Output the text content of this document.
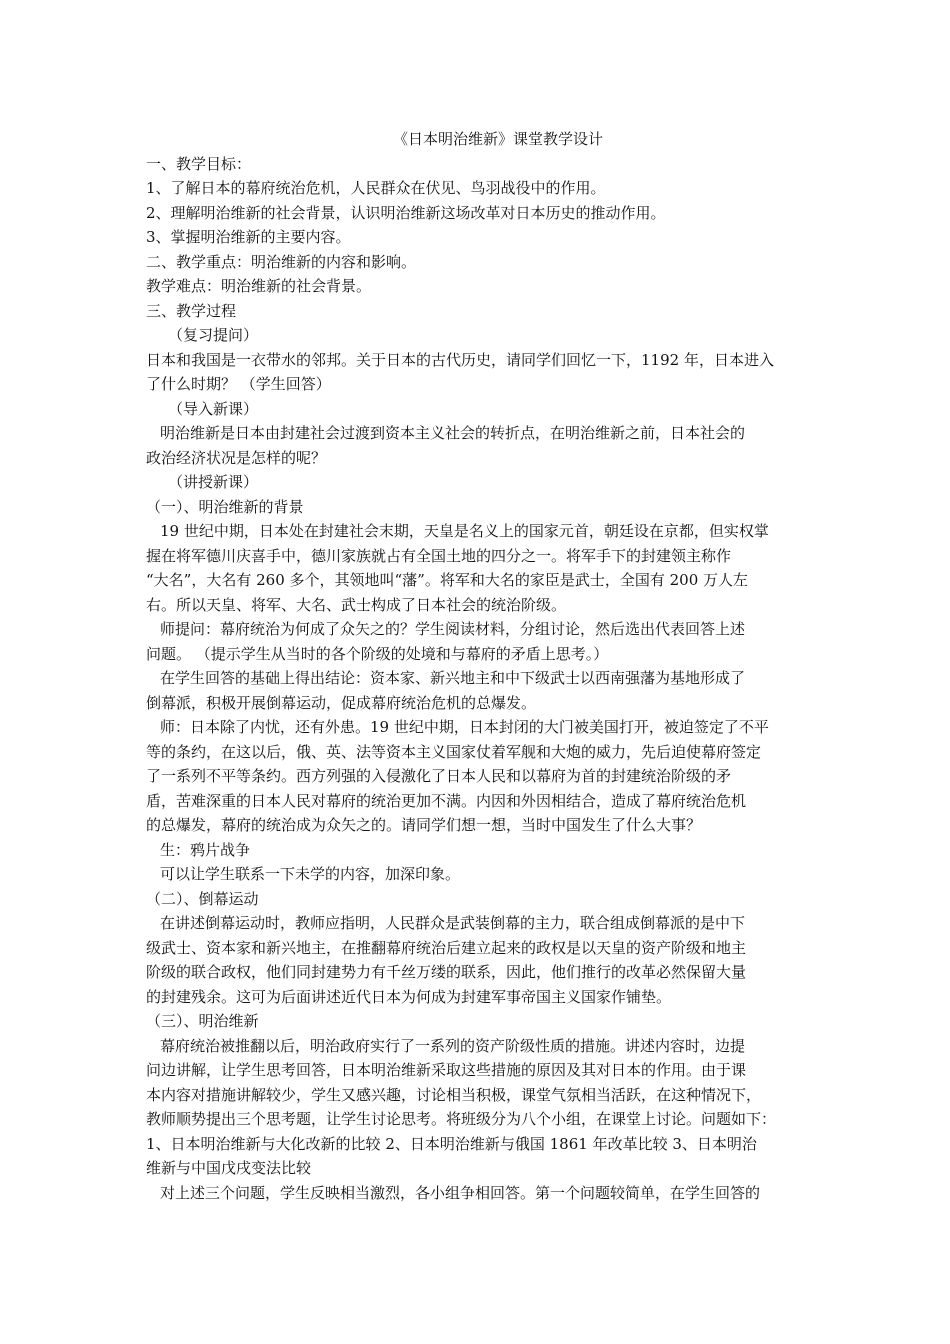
《日本明治维新》课堂教学设计
一、教学目标：
1、了解日本的幕府统治危机，人民群众在伏见、鸟羽战役中的作用。
2、理解明治维新的社会背景，认识明治维新这场改革对日本历史的推动作用。
3、掌握明治维新的主要内容。
二、教学重点：明治维新的内容和影响。
教学难点：明治维新的社会背景。
三、教学过程
（复习提问）
日本和我国是一衣带水的邻邦。关于日本的古代历史，请同学们回忆一下，1192 年，日本进入
了什么时期？ （学生回答）
（导入新课）
明治维新是日本由封建社会过渡到资本主义社会的转折点，在明治维新之前，日本社会的
政治经济状况是怎样的呢？
（讲授新课）
（一）、明治维新的背景
19 世纪中期，日本处在封建社会末期，天皇是名义上的国家元首，朝廷设在京都，但实权掌
握在将军德川庆喜手中，德川家族就占有全国土地的四分之一。将军手下的封建领主称作
“大名”，大名有 260 多个，其领地叫“藩”。将军和大名的家臣是武士，全国有 200 万人左
右。所以天皇、将军、大名、武士构成了日本社会的统治阶级。
师提问：幕府统治为何成了众矢之的？学生阅读材料，分组讨论，然后选出代表回答上述
问题。 （提示学生从当时的各个阶级的处境和与幕府的矛盾上思考。）
在学生回答的基础上得出结论：资本家、新兴地主和中下级武士以西南强藩为基地形成了
倒幕派，积极开展倒幕运动，促成幕府统治危机的总爆发。
师：日本除了内忧，还有外患。19 世纪中期，日本封闭的大门被美国打开，被迫签定了不平
等的条约，在这以后，俄、英、法等资本主义国家仗着军舰和大炮的威力，先后迫使幕府签定
了一系列不平等条约。西方列强的入侵激化了日本人民和以幕府为首的封建统治阶级的矛
盾，苦难深重的日本人民对幕府的统治更加不满。内因和外因相结合，造成了幕府统治危机
的总爆发，幕府的统治成为众矢之的。请同学们想一想，当时中国发生了什么大事？
生：鸦片战争
可以让学生联系一下未学的内容，加深印象。
（二）、倒幕运动
在讲述倒幕运动时，教师应指明，人民群众是武装倒幕的主力，联合组成倒幕派的是中下
级武士、资本家和新兴地主，在推翻幕府统治后建立起来的政权是以天皇的资产阶级和地主
阶级的联合政权，他们同封建势力有千丝万缕的联系，因此，他们推行的改革必然保留大量
的封建残余。这可为后面讲述近代日本为何成为封建军事帝国主义国家作铺垫。
（三）、明治维新
幕府统治被推翻以后，明治政府实行了一系列的资产阶级性质的措施。讲述内容时，边提
问边讲解，让学生思考回答，日本明治维新采取这些措施的原因及其对日本的作用。由于课
本内容对措施讲解较少，学生又感兴趣，讨论相当积极，课堂气氛相当活跃，在这种情况下，
教师顺势提出三个思考题，让学生讨论思考。将班级分为八个小组，在课堂上讨论。问题如下：
1、日本明治维新与大化改新的比较 2、日本明治维新与俄国 1861 年改革比较 3、日本明治
维新与中国戊戌变法比较
对上述三个问题，学生反映相当激烈，各小组争相回答。第一个问题较简单，在学生回答的
